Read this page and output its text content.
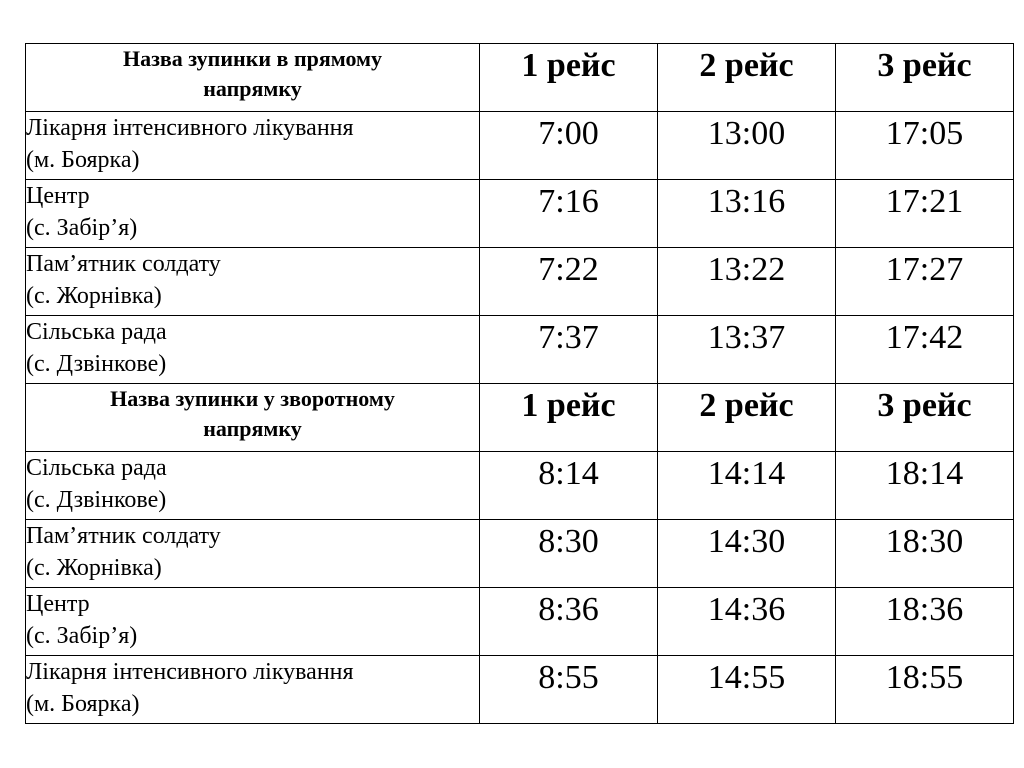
Назва зупинки в прямому
напрямку	1 рейс	2 рейс	3 рейс

Лікарня інтенсивного лікування
(м. Боярка)	7:00	13:00	17:05

Центр
(с. Забір’я)	7:16	13:16	17:21

Пам’ятник солдату
(с. Жорнівка)	7:22	13:22	17:27

Сільська рада
(с. Дзвінкове)	7:37	13:37	17:42

Назва зупинки у зворотному
напрямку	1 рейс	2 рейс	3 рейс

Сільська рада
(с. Дзвінкове)	8:14	14:14	18:14

Пам’ятник солдату
(с. Жорнівка)	8:30	14:30	18:30

Центр
(с. Забір’я)	8:36	14:36	18:36

Лікарня інтенсивного лікування
(м. Боярка)	8:55	14:55	18:55
